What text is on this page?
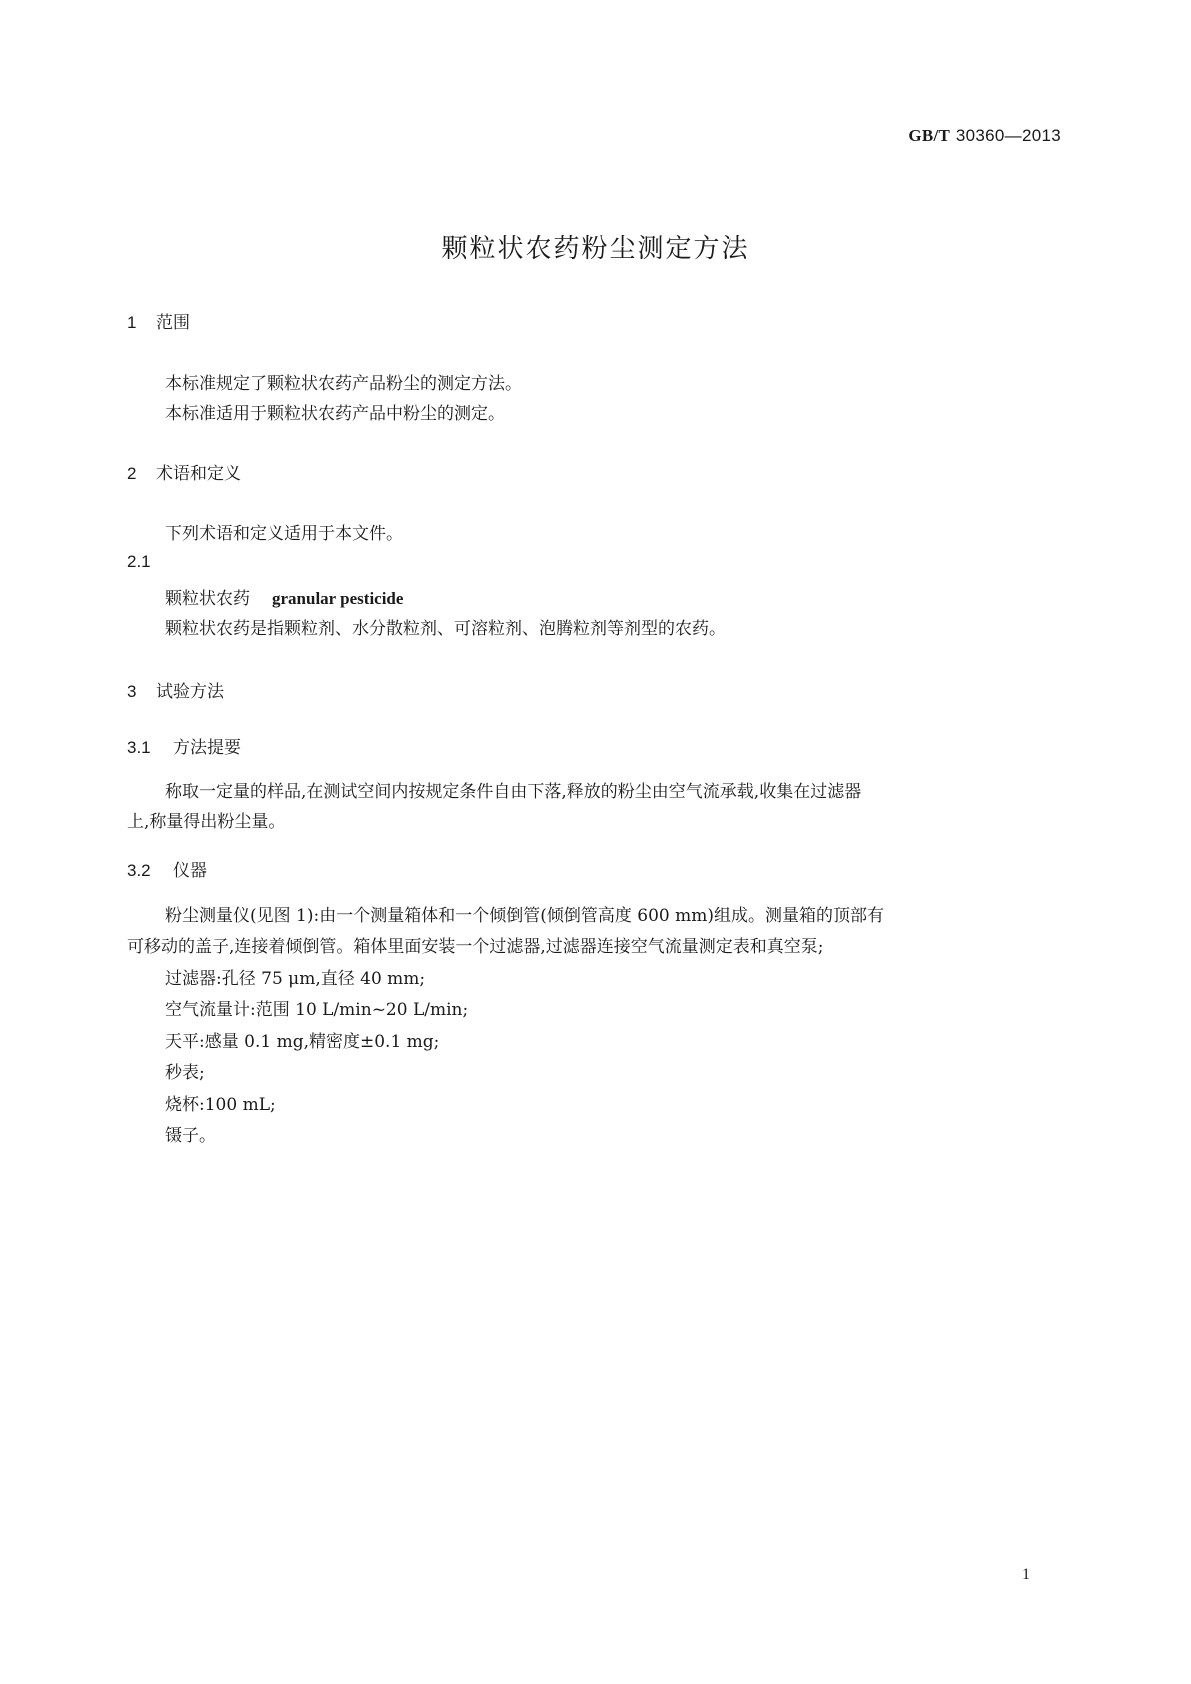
GB/T 30360—2013
颗粒状农药粉尘测定方法
1 范围
本标准规定了颗粒状农药产品粉尘的测定方法。
本标准适用于颗粒状农药产品中粉尘的测定。
2 术语和定义
下列术语和定义适用于本文件。
2.1
颗粒状农药 granular pesticide
颗粒状农药是指颗粒剂、水分散粒剂、可溶粒剂、泡腾粒剂等剂型的农药。
3 试验方法
3.1 方法提要
称取一定量的样品,在测试空间内按规定条件自由下落,释放的粉尘由空气流承载,收集在过滤器
上,称量得出粉尘量。
3.2 仪器
粉尘测量仪(见图 1):由一个测量箱体和一个倾倒管(倾倒管高度 600 mm)组成。测量箱的顶部有
可移动的盖子,连接着倾倒管。箱体里面安装一个过滤器,过滤器连接空气流量测定表和真空泵;
过滤器:孔径 75 μm,直径 40 mm;
空气流量计:范围 10 L/min~20 L/min;
天平:感量 0.1 mg,精密度±0.1 mg;
秒表;
烧杯:100 mL;
镊子。
1
